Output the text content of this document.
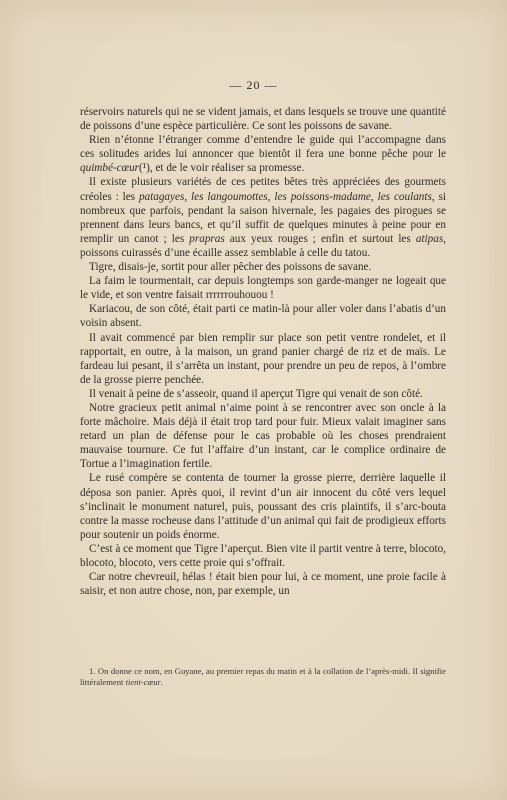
— 20 —

réservoirs naturels qui ne se vident jamais, et dans lesquels se trouve une quantité de poissons d’une espèce particulière. Ce sont les poissons de savane.

Rien n’étonne l’étranger comme d’entendre le guide qui l’accompagne dans ces solitudes arides lui annoncer que bientôt il fera une bonne pêche pour le quimbé-cœur(¹), et de le voir réaliser sa promesse.

Il existe plusieurs variétés de ces petites bêtes très appréciées des gourmets créoles : les patagayes, les langoumottes, les poissons-madame, les coulants, si nombreux que parfois, pendant la saison hivernale, les pagaies des pirogues se prennent dans leurs bancs, et qu’il suffit de quelques minutes à peine pour en remplir un canot ; les prapras aux yeux rouges ; enfin et surtout les atipas, poissons cuirassés d’une écaille assez semblable à celle du tatou.

Tigre, disais-je, sortit pour aller pêcher des poissons de savane.

La faim le tourmentait, car depuis longtemps son garde-manger ne logeait que le vide, et son ventre faisait rrrrrrouhouou !

Kariacou, de son côté, était parti ce matin-là pour aller voler dans l’abatis d’un voisin absent.

Il avait commencé par bien remplir sur place son petit ventre rondelet, et il rapportait, en outre, à la maison, un grand panier chargé de riz et de maïs. Le fardeau lui pesant, il s’arrêta un instant, pour prendre un peu de repos, à l’ombre de la grosse pierre penchée.

Il venait à peine de s’asseoir, quand il aperçut Tigre qui venait de son côté.

Notre gracieux petit animal n’aime point à se rencontrer avec son oncle à la forte mâchoire. Mais déjà il était trop tard pour fuir. Mieux valait imaginer sans retard un plan de défense pour le cas probable où les choses prendraient mauvaise tournure. Ce fut l’affaire d’un instant, car le complice ordinaire de Tortue a l’imagination fertile.

Le rusé compère se contenta de tourner la grosse pierre, derrière laquelle il déposa son panier. Après quoi, il revint d’un air innocent du côté vers lequel s’inclinait le monument naturel, puis, poussant des cris plaintifs, il s’arc-bouta contre la masse rocheuse dans l’attitude d’un animal qui fait de prodigieux efforts pour soutenir un poids énorme.

C’est à ce moment que Tigre l’aperçut. Bien vite il partit ventre à terre, blocoto, blocoto, blocoto, vers cette proie qui s’offrait.

Car notre chevreuil, hélas ! était bien pour lui, à ce moment, une proie facile à saisir, et non autre chose, non, par exemple, un

1. On donne ce nom, en Guyane, au premier repas du matin et à la collation de l’après-midi. Il signifie littéralement tient-cœur.
